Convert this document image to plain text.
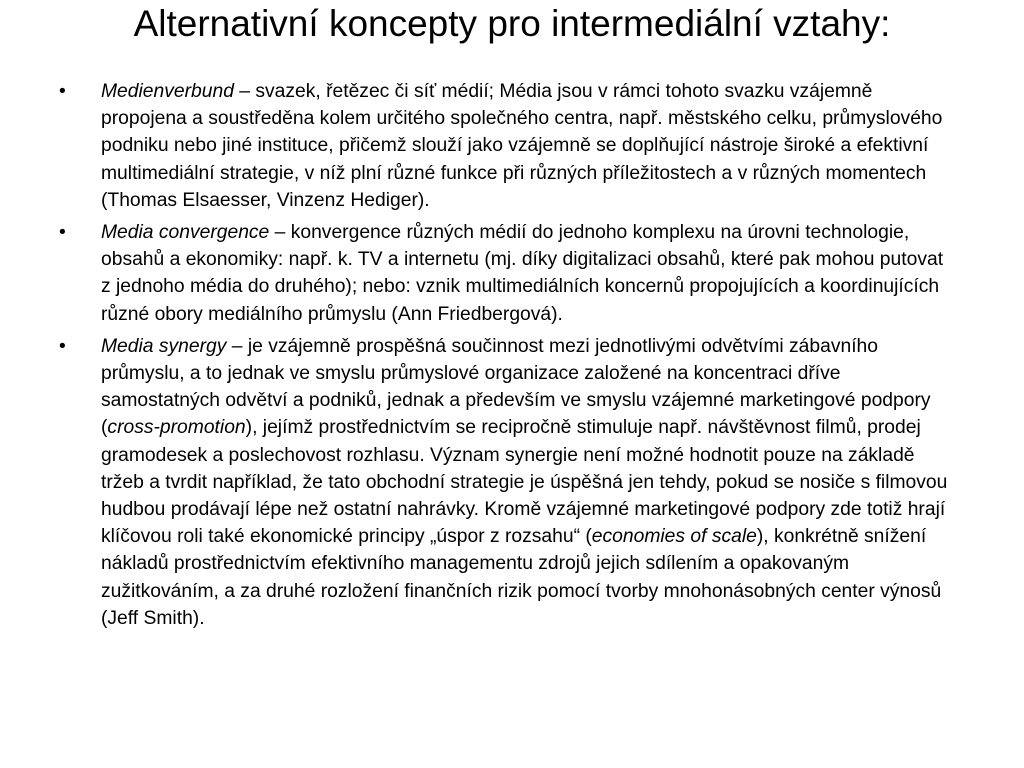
Alternativní koncepty pro intermediální vztahy:
• Medienverbund – svazek, řetězec či síť médií; Média jsou v rámci tohoto svazku vzájemně propojena a soustředěna kolem určitého společného centra, např. městského celku, průmyslového podniku nebo jiné instituce, přičemž slouží jako vzájemně se doplňující nástroje široké a efektivní multimediální strategie, v níž plní různé funkce při různých příležitostech a v různých momentech (Thomas Elsaesser, Vinzenz Hediger).
• Media convergence – konvergence různých médií do jednoho komplexu na úrovni technologie, obsahů a ekonomiky: např. k. TV a internetu (mj. díky digitalizaci obsahů, které pak mohou putovat z jednoho média do druhého); nebo: vznik multimediálních koncernů propojujících a koordinujících různé obory mediálního průmyslu (Ann Friedbergová).
• Media synergy – je vzájemně prospěšná součinnost mezi jednotlivými odvětvími zábavního průmyslu, a to jednak ve smyslu průmyslové organizace založené na koncentraci dříve samostatných odvětví a podniků, jednak a především ve smyslu vzájemné marketingové podpory (cross-promotion), jejímž prostřednictvím se recipročně stimuluje např. návštěvnost filmů, prodej gramodesek a poslechovost rozhlasu. Význam synergie není možné hodnotit pouze na základě tržeb a tvrdit například, že tato obchodní strategie je úspěšná jen tehdy, pokud se nosiče s filmovou hudbou prodávají lépe než ostatní nahrávky. Kromě vzájemné marketingové podpory zde totiž hrají klíčovou roli také ekonomické principy „úspor z rozsahu“ (economies of scale), konkrétně snížení nákladů prostřednictvím efektivního managementu zdrojů jejich sdílením a opakovaným zužitkováním, a za druhé rozložení finančních rizik pomocí tvorby mnohonásobných center výnosů (Jeff Smith).
